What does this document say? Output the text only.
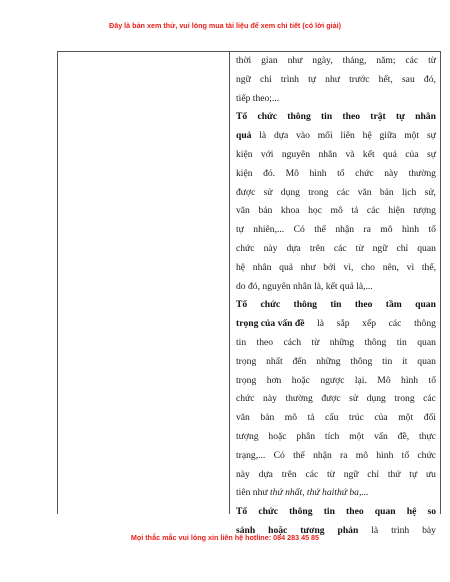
Đây là bản xem thử, vui lòng mua tài liệu để xem chi tiết (có lời giải)
thời gian như ngày, tháng, năm; các từ
ngữ chỉ trình tự như trước hết, sau đó,
tiếp theo;...
Tổ chức thông tin theo trật tự nhân
quả là dựa vào mối liên hệ giữa một sự
kiện với nguyên nhân và kết quả của sự
kiện đó. Mô hình tổ chức này thường
được sử dụng trong các văn bản lịch sử,
văn bản khoa học mô tả các hiện tượng
tự nhiên,... Có thể nhận ra mô hình tổ
chức này dựa trên các từ ngữ chỉ quan
hệ nhân quả như bởi vì, cho nên, vì thế,
do đó, nguyên nhân là, kết quả là,...
Tổ chức thông tin theo tầm quan
trọng của vấn đề là sắp xếp các thông
tin theo cách từ những thông tin quan
trọng nhất đến những thông tin ít quan
trọng hơn hoặc ngược lại. Mô hình tổ
chức này thường được sử dụng trong các
văn bản mô tả cấu trúc của một đối
tượng hoặc phân tích một vấn đề, thực
trạng,... Có thể nhận ra mô hình tổ chức
này dựa trên các từ ngữ chỉ thứ tự ưu
tiên như thứ nhất, thứ haithứ ba,...
Tổ chức thông tin theo quan hệ so
sánh hoặc tương phản là trình bày
Mọi thắc mắc vui lòng xin liên hệ hotline: 084 283 45 85
